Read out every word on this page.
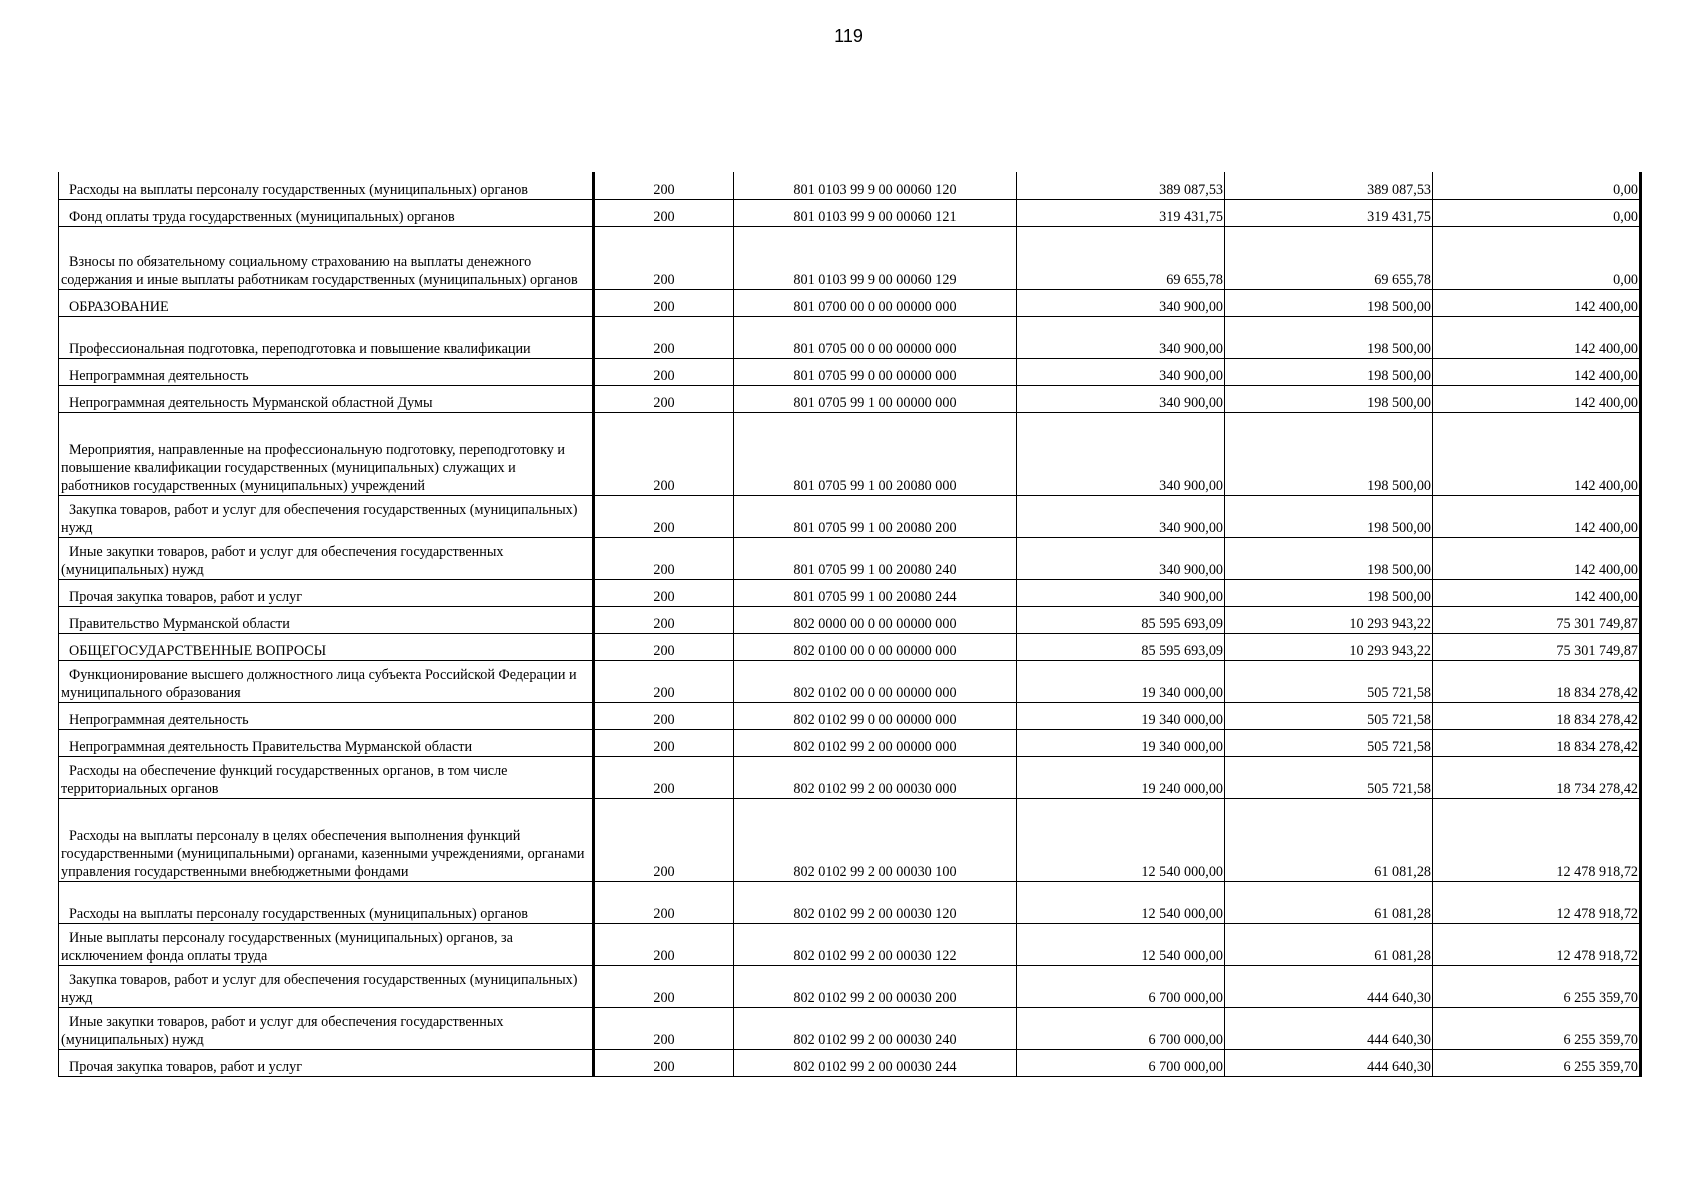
119
Расходы на выплаты персоналу государственных (муниципальных) органов	200	801 0103 99 9 00 00060 120	389 087,53	389 087,53	0,00
Фонд оплаты труда государственных (муниципальных) органов	200	801 0103 99 9 00 00060 121	319 431,75	319 431,75	0,00
Взносы по обязательному социальному страхованию на выплаты денежного содержания и иные выплаты работникам государственных (муниципальных) органов	200	801 0103 99 9 00 00060 129	69 655,78	69 655,78	0,00
ОБРАЗОВАНИЕ	200	801 0700 00 0 00 00000 000	340 900,00	198 500,00	142 400,00
Профессиональная подготовка, переподготовка и повышение квалификации	200	801 0705 00 0 00 00000 000	340 900,00	198 500,00	142 400,00
Непрограммная деятельность	200	801 0705 99 0 00 00000 000	340 900,00	198 500,00	142 400,00
Непрограммная деятельность Мурманской областной Думы	200	801 0705 99 1 00 00000 000	340 900,00	198 500,00	142 400,00
Мероприятия, направленные на профессиональную подготовку, переподготовку и повышение квалификации государственных (муниципальных) служащих и работников государственных (муниципальных) учреждений	200	801 0705 99 1 00 20080 000	340 900,00	198 500,00	142 400,00
Закупка товаров, работ и услуг для обеспечения государственных (муниципальных) нужд	200	801 0705 99 1 00 20080 200	340 900,00	198 500,00	142 400,00
Иные закупки товаров, работ и услуг для обеспечения государственных (муниципальных) нужд	200	801 0705 99 1 00 20080 240	340 900,00	198 500,00	142 400,00
Прочая закупка товаров, работ и услуг	200	801 0705 99 1 00 20080 244	340 900,00	198 500,00	142 400,00
Правительство Мурманской области	200	802 0000 00 0 00 00000 000	85 595 693,09	10 293 943,22	75 301 749,87
ОБЩЕГОСУДАРСТВЕННЫЕ ВОПРОСЫ	200	802 0100 00 0 00 00000 000	85 595 693,09	10 293 943,22	75 301 749,87
Функционирование высшего должностного лица субъекта Российской Федерации и муниципального образования	200	802 0102 00 0 00 00000 000	19 340 000,00	505 721,58	18 834 278,42
Непрограммная деятельность	200	802 0102 99 0 00 00000 000	19 340 000,00	505 721,58	18 834 278,42
Непрограммная деятельность Правительства Мурманской области	200	802 0102 99 2 00 00000 000	19 340 000,00	505 721,58	18 834 278,42
Расходы на обеспечение функций государственных органов, в том числе территориальных органов	200	802 0102 99 2 00 00030 000	19 240 000,00	505 721,58	18 734 278,42
Расходы на выплаты персоналу в целях обеспечения выполнения функций государственными (муниципальными) органами, казенными учреждениями, органами управления государственными внебюджетными фондами	200	802 0102 99 2 00 00030 100	12 540 000,00	61 081,28	12 478 918,72
Расходы на выплаты персоналу государственных (муниципальных) органов	200	802 0102 99 2 00 00030 120	12 540 000,00	61 081,28	12 478 918,72
Иные выплаты персоналу государственных (муниципальных) органов, за исключением фонда оплаты труда	200	802 0102 99 2 00 00030 122	12 540 000,00	61 081,28	12 478 918,72
Закупка товаров, работ и услуг для обеспечения государственных (муниципальных) нужд	200	802 0102 99 2 00 00030 200	6 700 000,00	444 640,30	6 255 359,70
Иные закупки товаров, работ и услуг для обеспечения государственных (муниципальных) нужд	200	802 0102 99 2 00 00030 240	6 700 000,00	444 640,30	6 255 359,70
Прочая закупка товаров, работ и услуг	200	802 0102 99 2 00 00030 244	6 700 000,00	444 640,30	6 255 359,70
